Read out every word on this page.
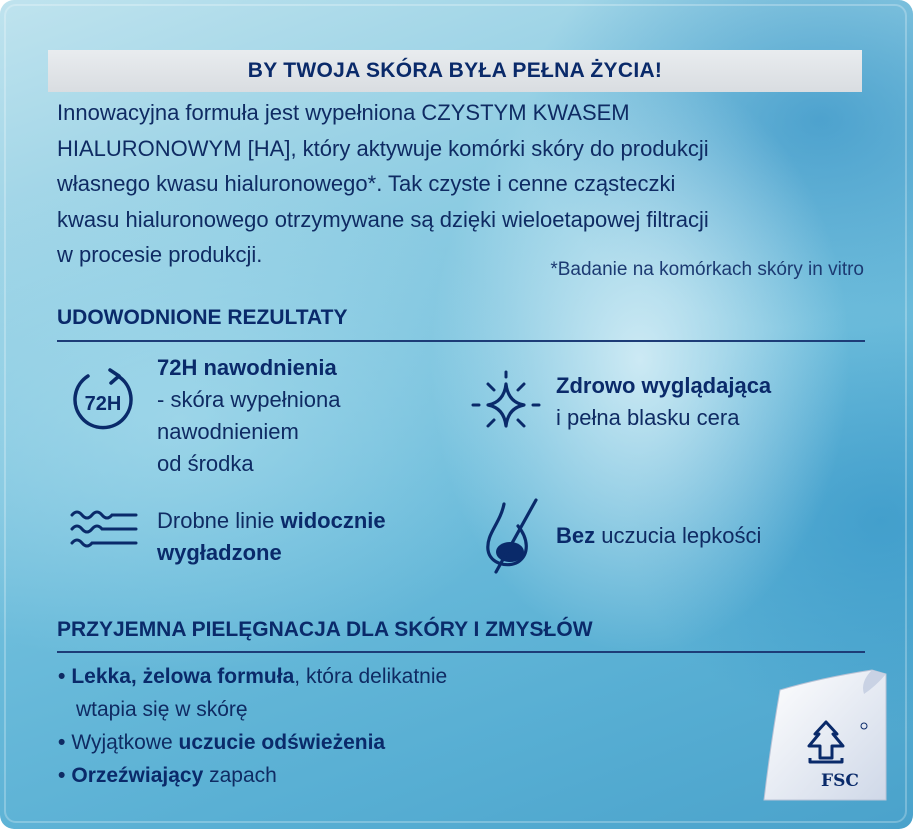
BY TWOJA SKÓRA BYŁA PEŁNA ŻYCIA!
Innowacyjna formuła jest wypełniona CZYSTYM KWASEM
HIALURONOWYM [HA], który aktywuje komórki skóry do produkcji
własnego kwasu hialuronowego*. Tak czyste i cenne cząsteczki
kwasu hialuronowego otrzymywane są dzięki wieloetapowej filtracji
w procesie produkcji.
*Badanie na komórkach skóry in vitro
UDOWODNIONE REZULTATY
72H
72H nawodnienia
- skóra wypełniona
nawodnieniem
od środka
Zdrowo wyglądająca
i pełna blasku cera
Drobne linie widocznie
wygładzone
Bez uczucia lepkości
PRZYJEMNA PIELĘGNACJA DLA SKÓRY I ZMYSŁÓW
• Lekka, żelowa formuła, która delikatnie
wtapia się w skórę
• Wyjątkowe uczucie odświeżenia
• Orzeźwiający zapach	FSC
